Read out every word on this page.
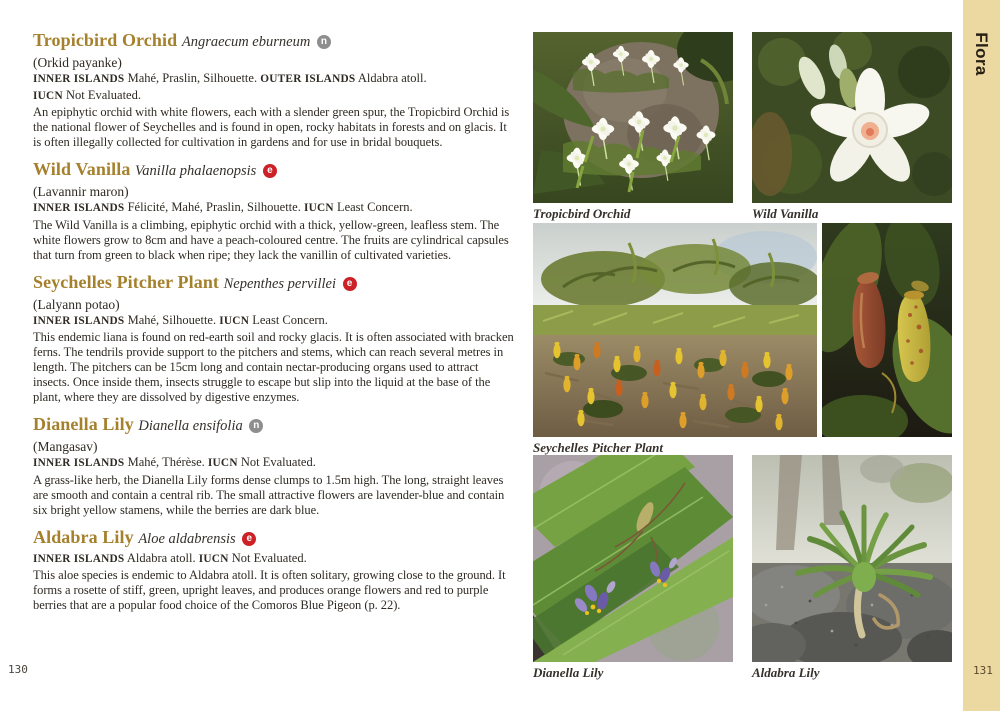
Tropicbird Orchid Angraecum eburneum n
(Orkid payanke)
INNER ISLANDS Mahé, Praslin, Silhouette. OUTER ISLANDS Aldabra atoll.
IUCN Not Evaluated.

An epiphytic orchid with white flowers, each with a slender green spur, the Tropicbird Orchid is the national flower of Seychelles and is found in open, rocky habitats in forests and on glacis. It is often illegally collected for cultivation in gardens and for use in bridal bouquets.

Wild Vanilla Vanilla phalaenopsis e
(Lavannir maron)
INNER ISLANDS Félicité, Mahé, Praslin, Silhouette. IUCN Least Concern.

The Wild Vanilla is a climbing, epiphytic orchid with a thick, yellow-green, leafless stem. The white flowers grow to 8cm and have a peach-coloured centre. The fruits are cylindrical capsules that turn from green to black when ripe; they lack the vanillin of cultivated varieties.

Seychelles Pitcher Plant Nepenthes pervillei e
(Lalyann potao)
INNER ISLANDS Mahé, Silhouette. IUCN Least Concern.

This endemic liana is found on red-earth soil and rocky glacis. It is often associated with bracken ferns. The tendrils provide support to the pitchers and stems, which can reach several metres in length. The pitchers can be 15cm long and contain nectar-producing organs used to attract insects. Once inside them, insects struggle to escape but slip into the liquid at the base of the plant, where they are dissolved by digestive enzymes.

Dianella Lily Dianella ensifolia n
(Mangasav)
INNER ISLANDS Mahé, Thérèse. IUCN Not Evaluated.

A grass-like herb, the Dianella Lily forms dense clumps to 1.5m high. The long, straight leaves are smooth and contain a central rib. The small attractive flowers are lavender-blue and contain six bright yellow stamens, while the berries are dark blue.

Aldabra Lily Aloe aldabrensis e
INNER ISLANDS Aldabra atoll. IUCN Not Evaluated.

This aloe species is endemic to Aldabra atoll. It is often solitary, growing close to the ground. It forms a rosette of stiff, green, upright leaves, and produces orange flowers and red to purple berries that are a popular food choice of the Comoros Blue Pigeon (p. 22).

130
Tropicbird Orchid	Wild Vanilla
Seychelles Pitcher Plant
Dianella Lily	Aldabra Lily
Flora
131
